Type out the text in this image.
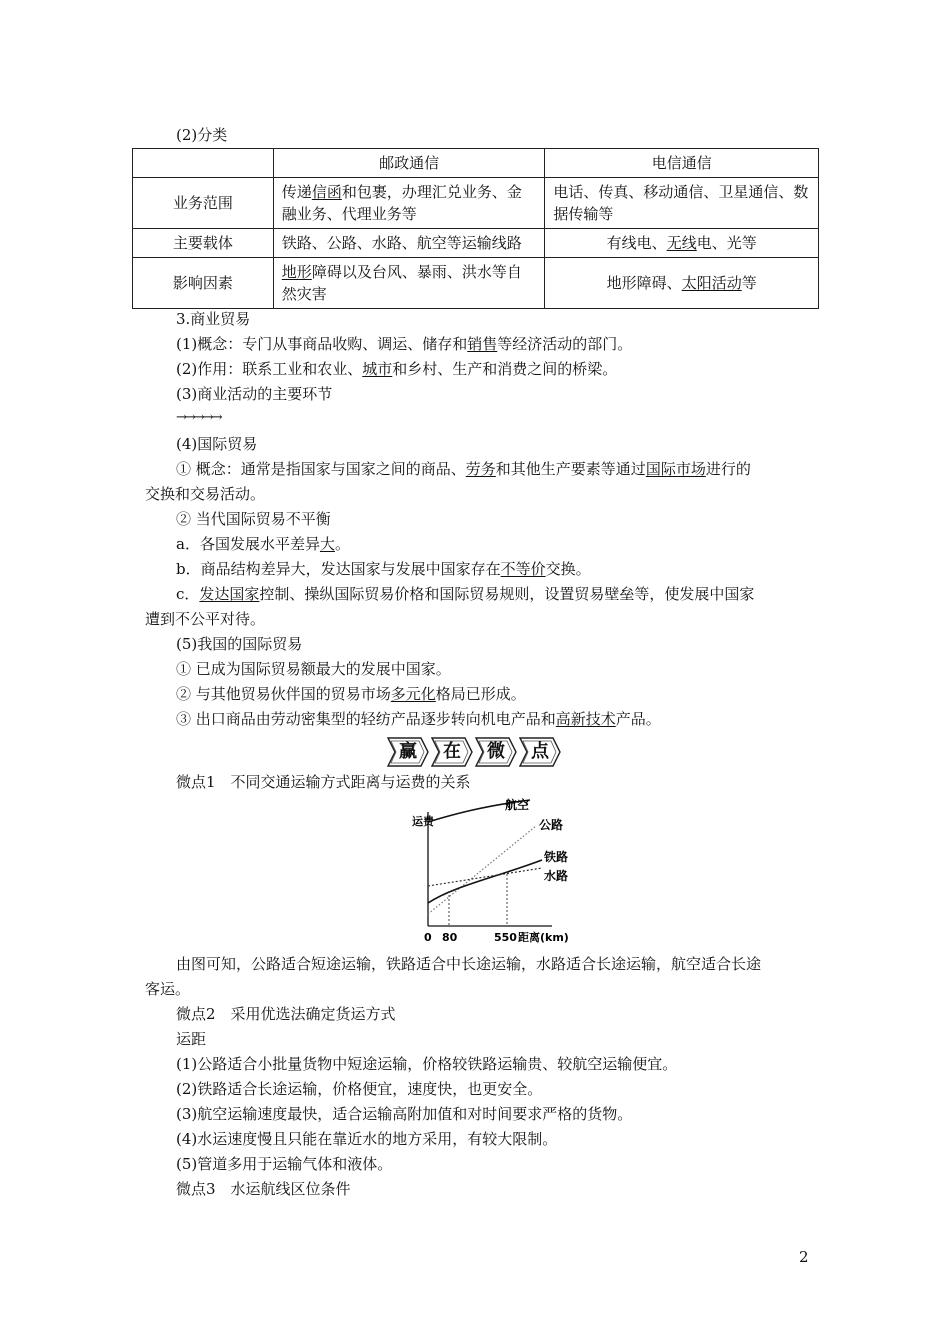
(2)分类
	邮政通信	电信通信
业务范围	传递信函和包裹，办理汇兑业务、金融业务、代理业务等	电话、传真、移动通信、卫星通信、数据传输等
主要载体	铁路、公路、水路、航空等运输线路	有线电、无线电、光等
影响因素	地形障碍以及台风、暴雨、洪水等自然灾害	地形障碍、太阳活动等
3.商业贸易
(1)概念：专门从事商品收购、调运、储存和销售等经济活动的部门。
(2)作用：联系工业和农业、城市和乡村、生产和消费之间的桥梁。
(3)商业活动的主要环节
→→→→→
(4)国际贸易
① 概念：通常是指国家与国家之间的商品、劳务和其他生产要素等通过国际市场进行的
交换和交易活动。
② 当代国际贸易不平衡
a．各国发展水平差异大。
b．商品结构差异大，发达国家与发展中国家存在不等价交换。
c．发达国家控制、操纵国际贸易价格和国际贸易规则，设置贸易壁垒等，使发展中国家
遭到不公平对待。
(5)我国的国际贸易
① 已成为国际贸易额最大的发展中国家。
② 与其他贸易伙伴国的贸易市场多元化格局已形成。
③ 出口商品由劳动密集型的轻纺产品逐步转向机电产品和高新技术产品。
赢	在	微	点
微点1　不同交通运输方式距离与运费的关系
运费
0 80	550 距离(km)
航空
公路
铁路
水路
由图可知，公路适合短途运输，铁路适合中长途运输，水路适合长途运输，航空适合长途
客运。
微点2　采用优选法确定货运方式
运距
(1)公路适合小批量货物中短途运输，价格较铁路运输贵、较航空运输便宜。
(2)铁路适合长途运输，价格便宜，速度快，也更安全。
(3)航空运输速度最快，适合运输高附加值和对时间要求严格的货物。
(4)水运速度慢且只能在靠近水的地方采用，有较大限制。
(5)管道多用于运输气体和液体。
微点3　水运航线区位条件
2
